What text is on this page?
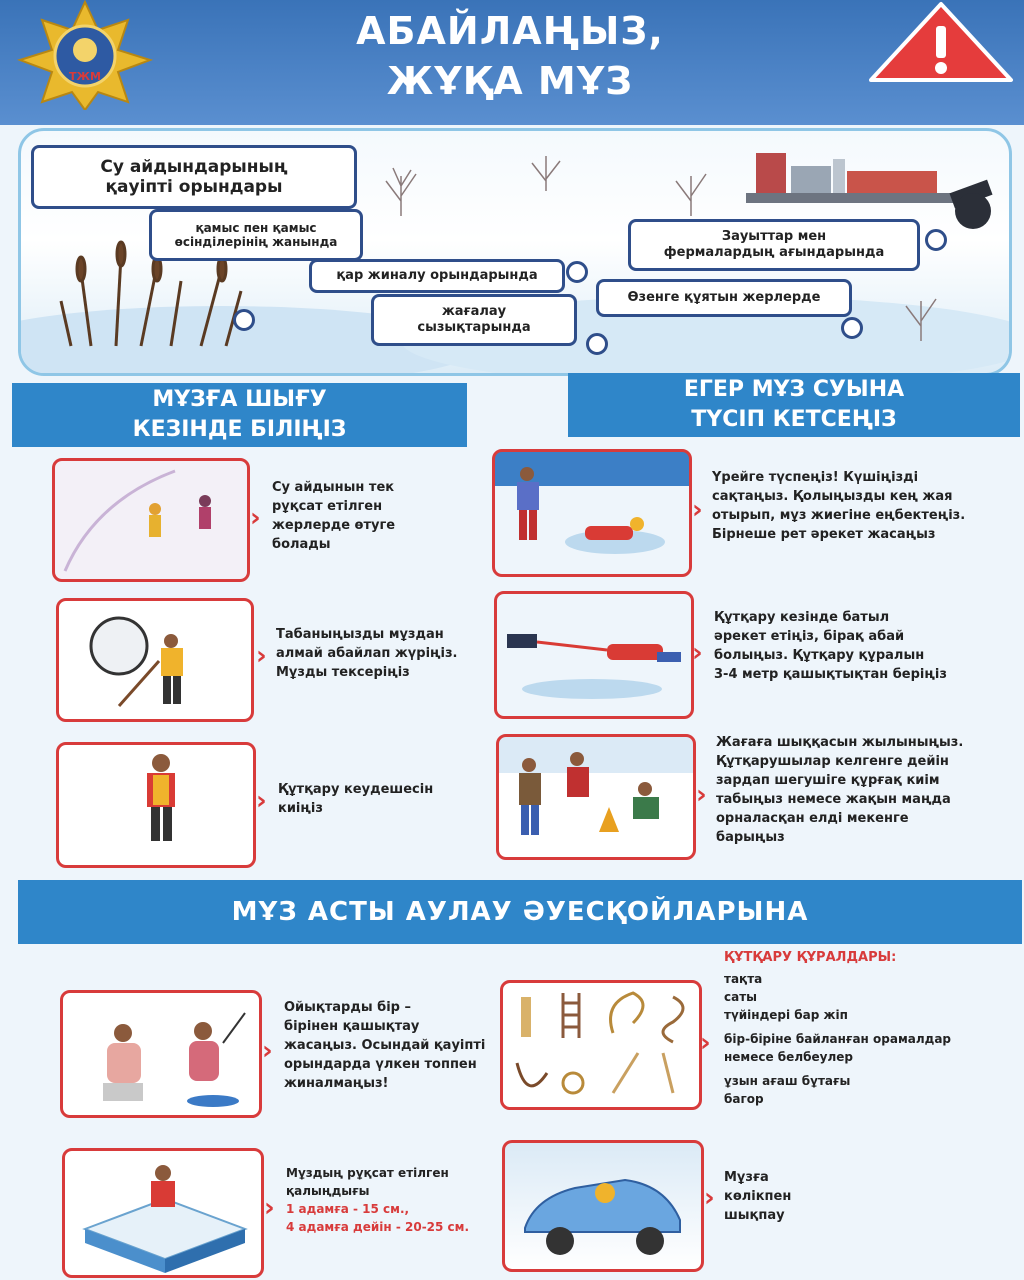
ТЖМ
АБАЙЛАҢЫЗ,
ЖҰҚА МҰЗ
Су айдындарының
қауіпті орындары
қамыс пен қамыс
өсінділерінің жанында
қар жиналу орындарында
жағалау
сызықтарында
Зауыттар мен
фермалардың ағындарында
Өзенге құятын жерлерде
МҰЗҒА ШЫҒУ
КЕЗІНДЕ БІЛІҢІЗ
ЕГЕР МҰЗ СУЫНА
ТҮСІП КЕТСЕҢІЗ
›
Су айдынын тек
рұқсат етілген
жерлерде өтуге
болады
›
Табаныңызды мұздан
алмай абайлап жүріңіз.
Мұзды тексеріңіз
› Құтқару кеудешесін
киіңіз
›
Үрейге түспеңіз! Күшіңізді
сақтаңыз. Қолыңызды кең жая
отырып, мұз жиегіне еңбектеңіз.
Бірнеше рет әрекет жасаңыз
›
Құтқару кезінде батыл
әрекет етіңіз, бірақ абай
болыңыз. Құтқару құралын
3-4 метр қашықтықтан беріңіз
›
Жағаға шыққасын жылыныңыз.
Құтқарушылар келгенге дейін
зардап шегушіге құрғақ киім
табыңыз немесе жақын маңда
орналасқан елді мекенге
барыңыз
МҰЗ АСТЫ АУЛАУ ӘУЕСҚОЙЛАРЫНА
›
Ойықтарды бір –
бірінен қашықтау
жасаңыз. Осындай қауіпті
орындарда үлкен топпен
жиналмаңыз!
›
ҚҰТҚАРУ ҚҰРАЛДАРЫ:
тақта
саты
түйіндері бар жіп
бір-біріне байланған орамалдар
немесе белбеулер
ұзын ағаш бұтағы
багор
›
Мұздың рұқсат етілген
қалыңдығы
1 адамға - 15 см.,
4 адамға дейін - 20-25 см.
›
Мұзға
көлікпен
шықпау
